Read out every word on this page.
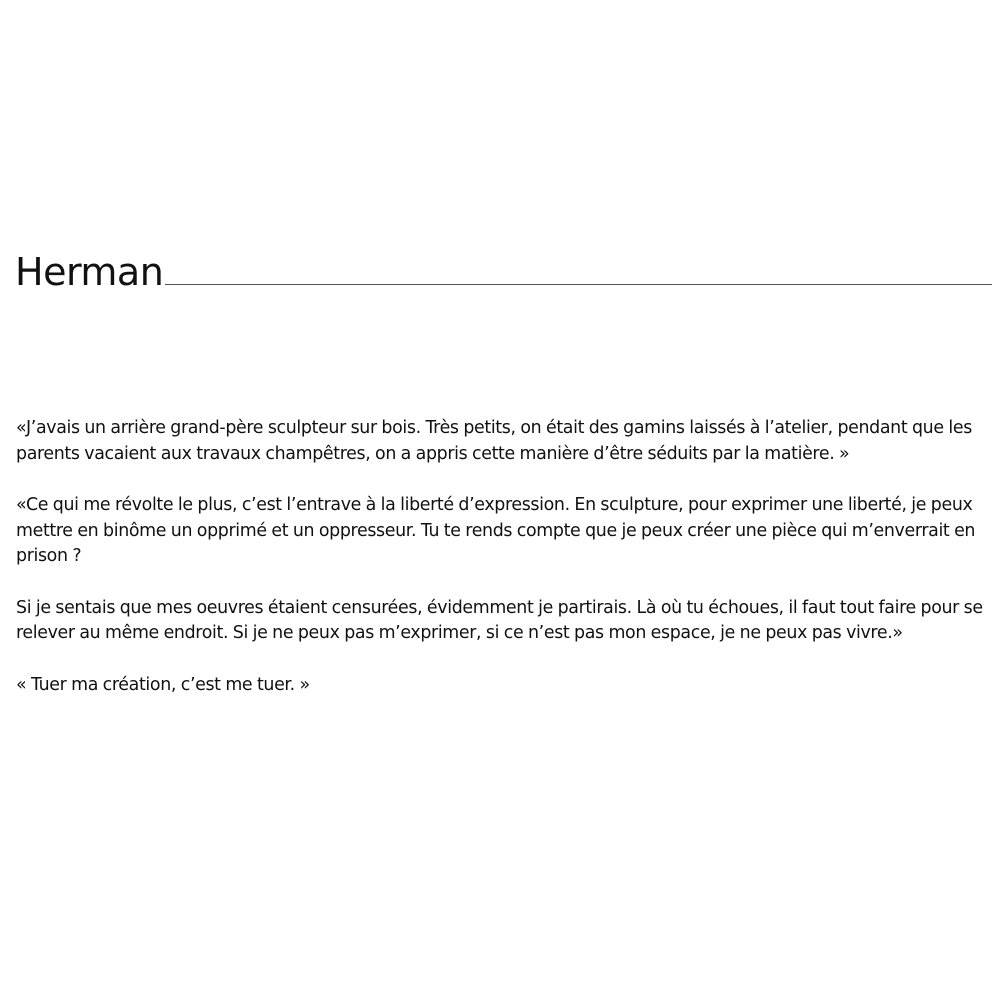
Herman

«J’avais un arrière grand-père sculpteur sur bois. Très petits, on était des gamins laissés à l’atelier, pendant que les parents vacaient aux travaux champêtres, on a appris cette manière d’être séduits par la matière. »

«Ce qui me révolte le plus, c’est l’entrave à la liberté d’expression. En sculpture, pour exprimer une liberté, je peux mettre en binôme un opprimé et un oppresseur. Tu te rends compte que je peux créer une pièce qui m’enverrait en prison ?

Si je sentais que mes oeuvres étaient censurées, évidemment je partirais. Là où tu échoues, il faut tout faire pour se relever au même endroit. Si je ne peux pas m’exprimer, si ce n’est pas mon espace, je ne peux pas vivre.»

« Tuer ma création, c’est me tuer. »
